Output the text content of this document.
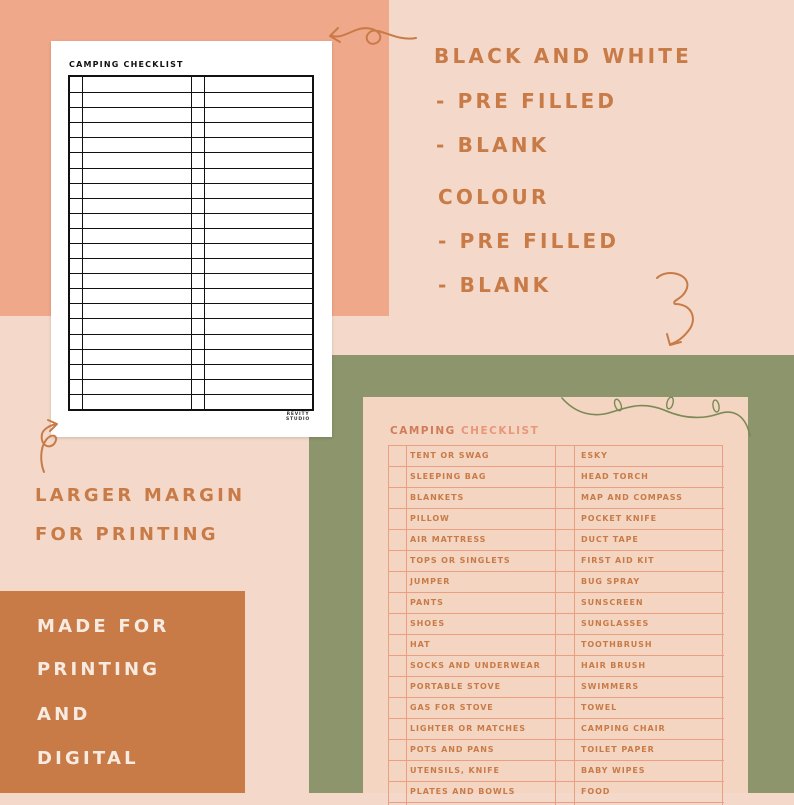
CAMPING CHECKLIST
REVITY
STUDIO
BLACK AND WHITE
- PRE FILLED
- BLANK
COLOUR
- PRE FILLED
- BLANK
LARGER MARGIN
FOR PRINTING
MADE FOR
PRINTING
AND
DIGITAL
CAMPING CHECKLIST
TENT OR SWAG	ESKY
SLEEPING BAG	HEAD TORCH
BLANKETS	MAP AND COMPASS
PILLOW	POCKET KNIFE
AIR MATTRESS	DUCT TAPE
TOPS OR SINGLETS	FIRST AID KIT
JUMPER	BUG SPRAY
PANTS	SUNSCREEN
SHOES	SUNGLASSES
HAT	TOOTHBRUSH
SOCKS AND UNDERWEAR	HAIR BRUSH
PORTABLE STOVE	SWIMMERS
GAS FOR STOVE	TOWEL
LIGHTER OR MATCHES	CAMPING CHAIR
POTS AND PANS	TOILET PAPER
UTENSILS, KNIFE	BABY WIPES
PLATES AND BOWLS	FOOD
